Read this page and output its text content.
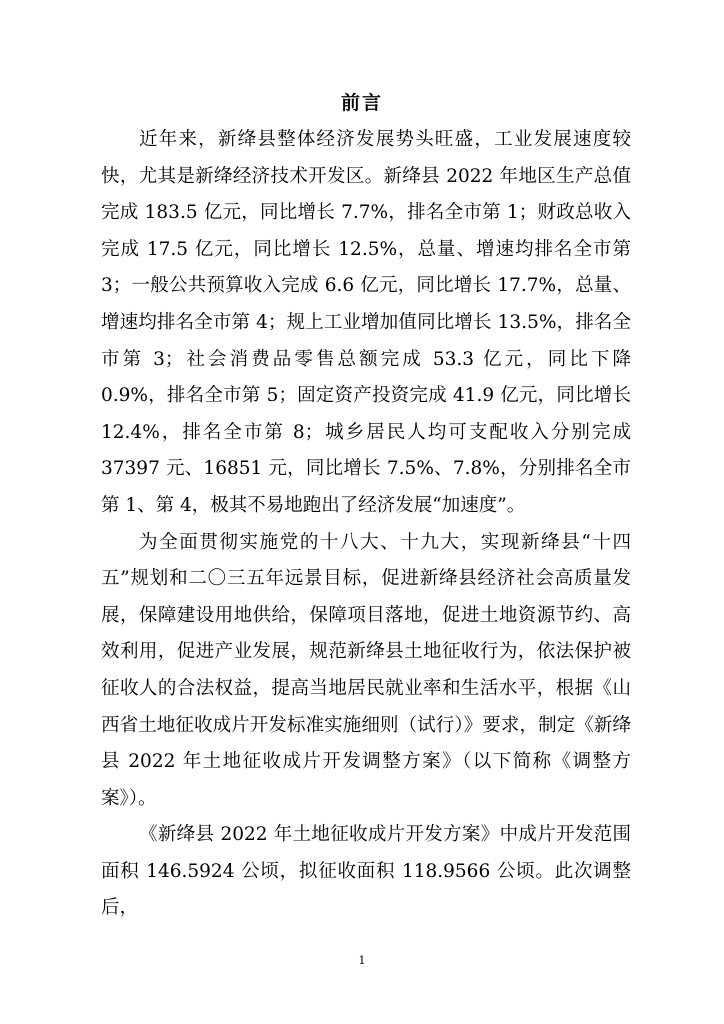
前言

近年来，新绛县整体经济发展势头旺盛，工业发展速度较快，尤其是新绛经济技术开发区。新绛县 2022 年地区生产总值完成 183.5 亿元，同比增长 7.7%，排名全市第 1；财政总收入完成 17.5 亿元，同比增长 12.5%，总量、增速均排名全市第 3；一般公共预算收入完成 6.6 亿元，同比增长 17.7%，总量、增速均排名全市第 4；规上工业增加值同比增长 13.5%，排名全市第 3；社会消费品零售总额完成 53.3 亿元，同比下降 0.9%，排名全市第 5；固定资产投资完成 41.9 亿元，同比增长 12.4%，排名全市第 8；城乡居民人均可支配收入分别完成 37397 元、16851 元，同比增长 7.5%、7.8%，分别排名全市第 1、第 4，极其不易地跑出了经济发展“加速度”。

为全面贯彻实施党的十八大、十九大，实现新绛县“十四五”规划和二〇三五年远景目标，促进新绛县经济社会高质量发展，保障建设用地供给，保障项目落地，促进土地资源节约、高效利用，促进产业发展，规范新绛县土地征收行为，依法保护被征收人的合法权益，提高当地居民就业率和生活水平，根据《山西省土地征收成片开发标准实施细则（试行）》要求，制定《新绛县 2022 年土地征收成片开发调整方案》（以下简称《调整方案》）。

《新绛县 2022 年土地征收成片开发方案》中成片开发范围面积 146.5924 公顷，拟征收面积 118.9566 公顷。此次调整后，

1
